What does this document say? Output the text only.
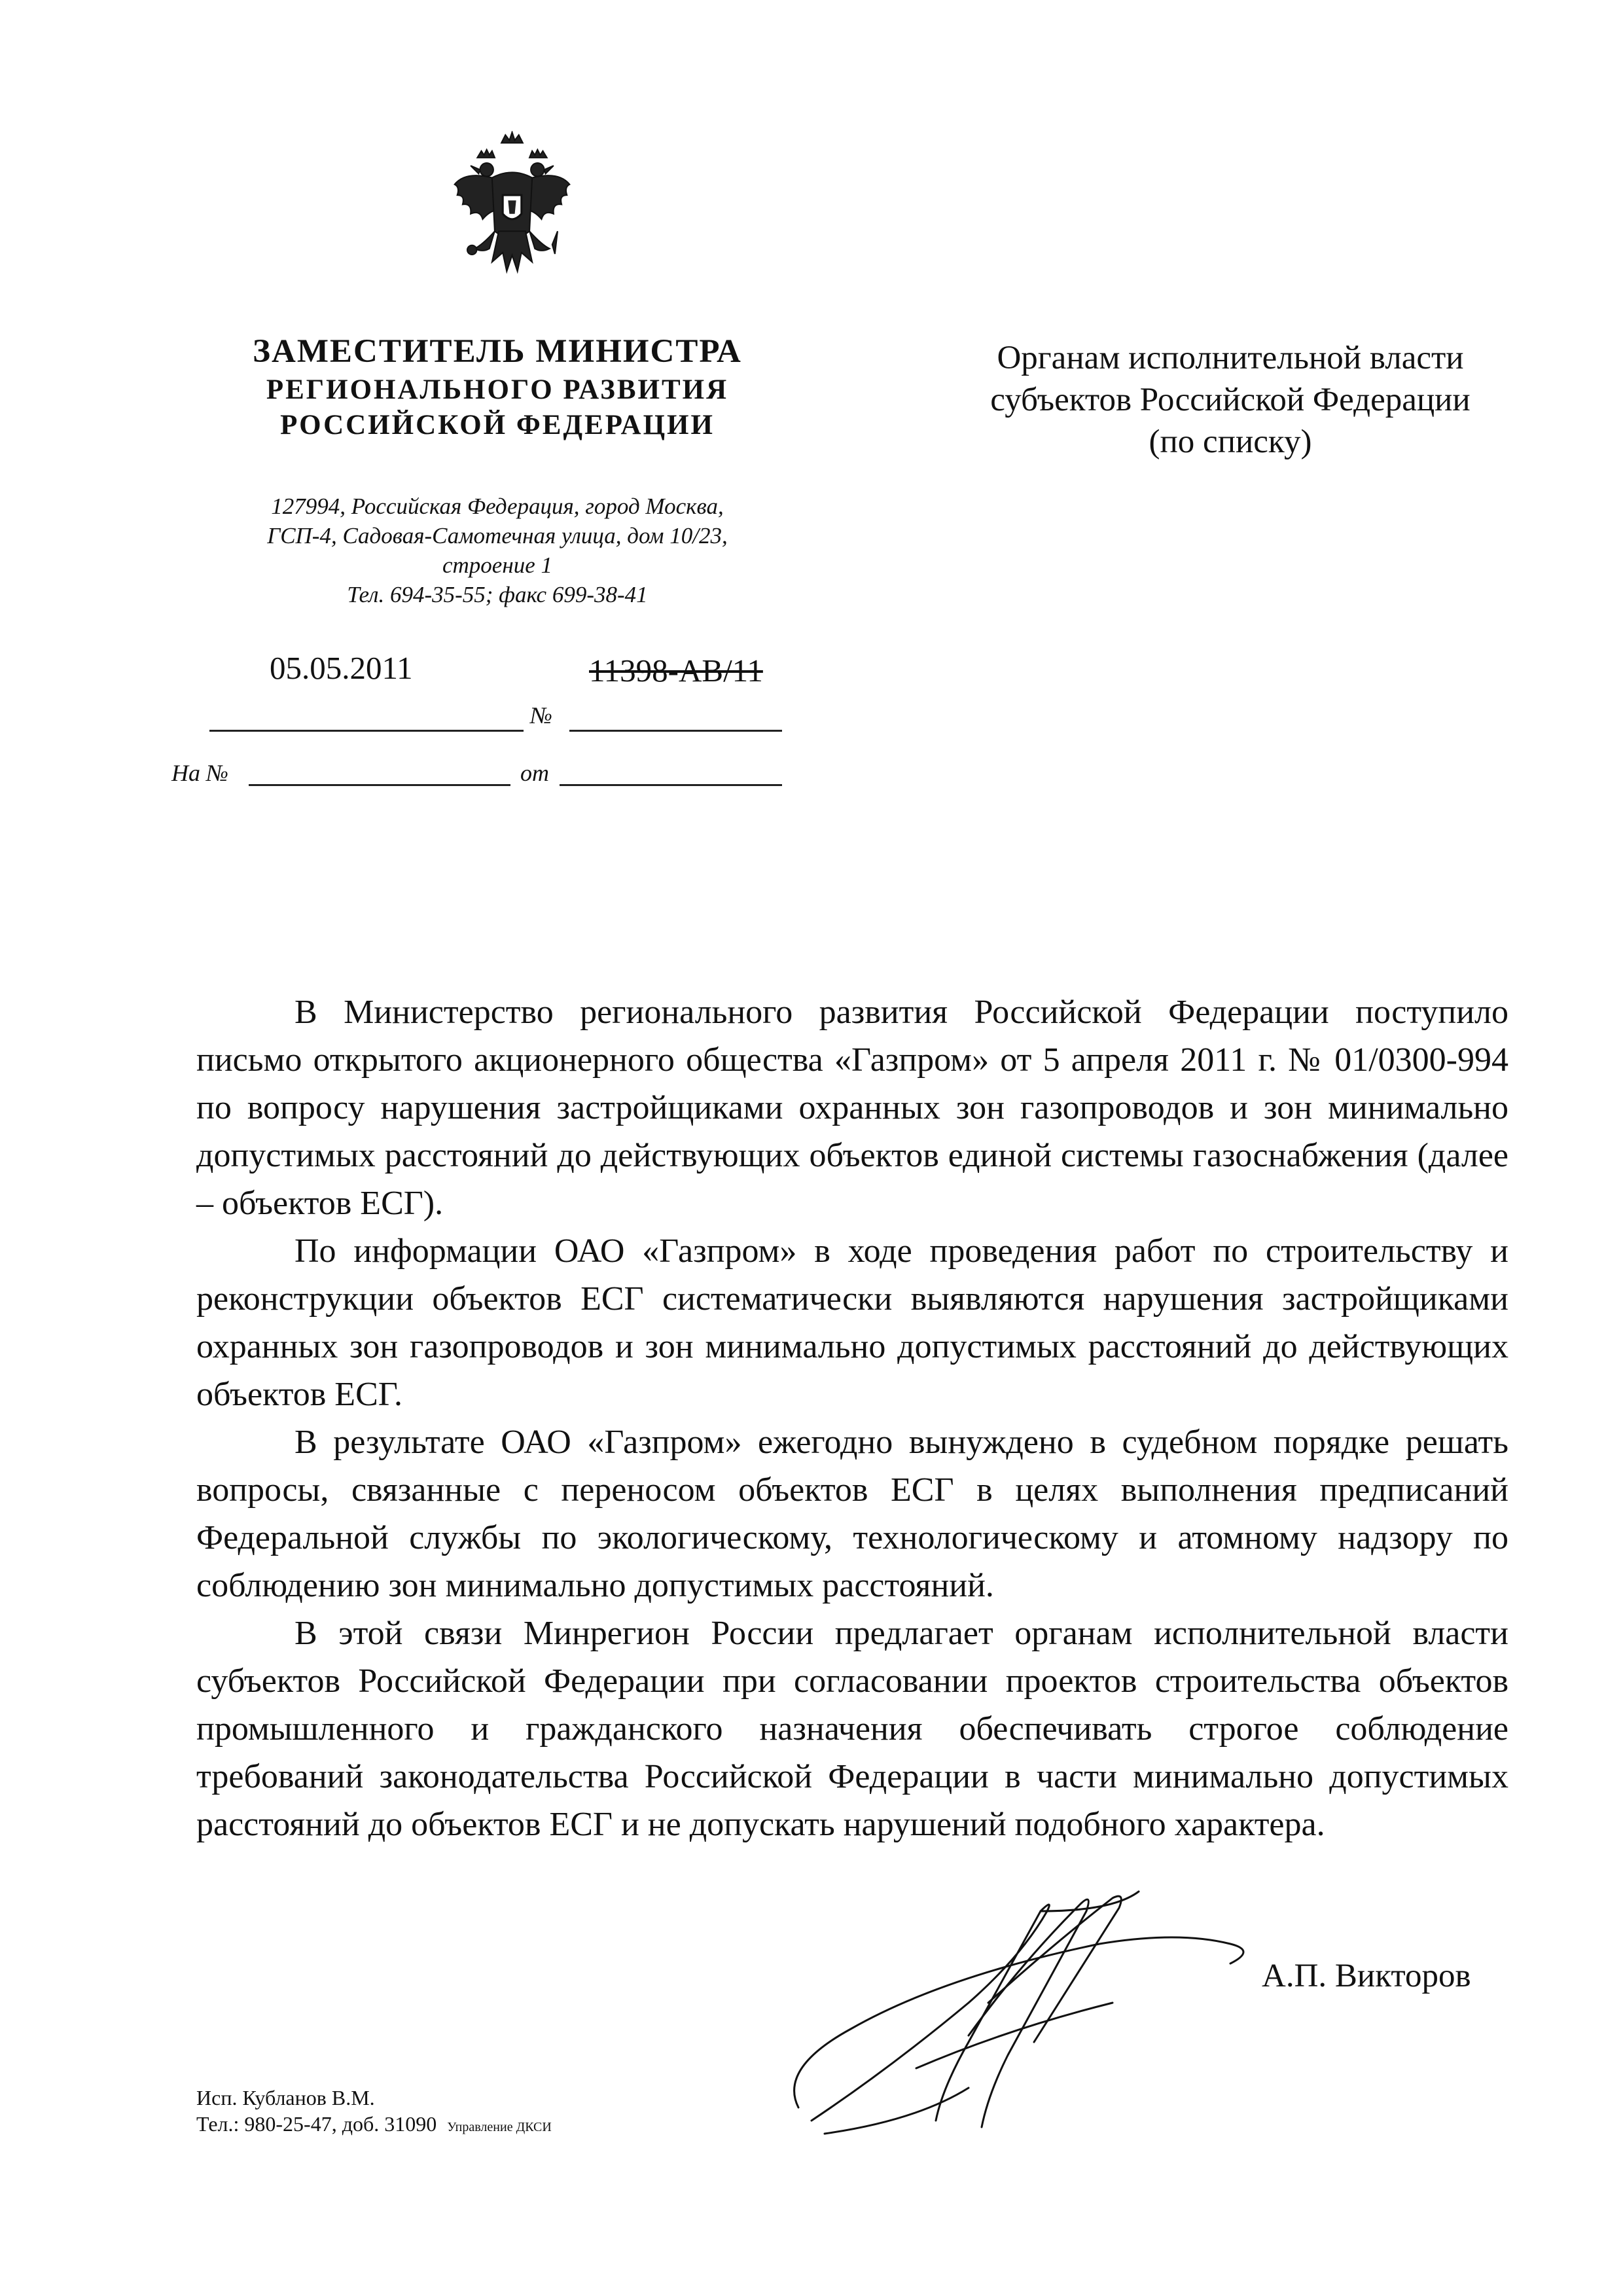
ЗАМЕСТИТЕЛЬ МИНИСТРА
РЕГИОНАЛЬНОГО РАЗВИТИЯ
РОССИЙСКОЙ ФЕДЕРАЦИИ
127994, Российская Федерация, город Москва,
ГСП-4, Садовая-Самотечная улица, дом 10/23,
строение 1
Тел. 694-35-55; факс 699-38-41
Органам исполнительной власти
субъектов Российской Федерации
(по списку)
05.05.2011	11398-АВ/11
№
На №	от

В Министерство регионального развития Российской Федерации поступило письмо открытого акционерного общества «Газпром» от 5 апреля 2011 г. № 01/0300-994 по вопросу нарушения застройщиками охранных зон газопроводов и зон минимально допустимых расстояний до действующих объектов единой системы газоснабжения (далее – объектов ЕСГ).

По информации ОАО «Газпром» в ходе проведения работ по строительству и реконструкции объектов ЕСГ систематически выявляются нарушения застройщиками охранных зон газопроводов и зон минимально допустимых расстояний до действующих объектов ЕСГ.

В результате ОАО «Газпром» ежегодно вынуждено в судебном порядке решать вопросы, связанные с переносом объектов ЕСГ в целях выполнения предписаний Федеральной службы по экологическому, технологическому и атомному надзору по соблюдению зон минимально допустимых расстояний.

В этой связи Минрегион России предлагает органам исполнительной власти субъектов Российской Федерации при согласовании проектов строительства объектов промышленного и гражданского назначения обеспечивать строгое соблюдение требований законодательства Российской Федерации в части минимально допустимых расстояний до объектов ЕСГ и не допускать нарушений подобного характера.

А.П. Викторов
Исп. Кубланов В.М.
Тел.: 980-25-47, доб. 31090 Управление ДКСИ
